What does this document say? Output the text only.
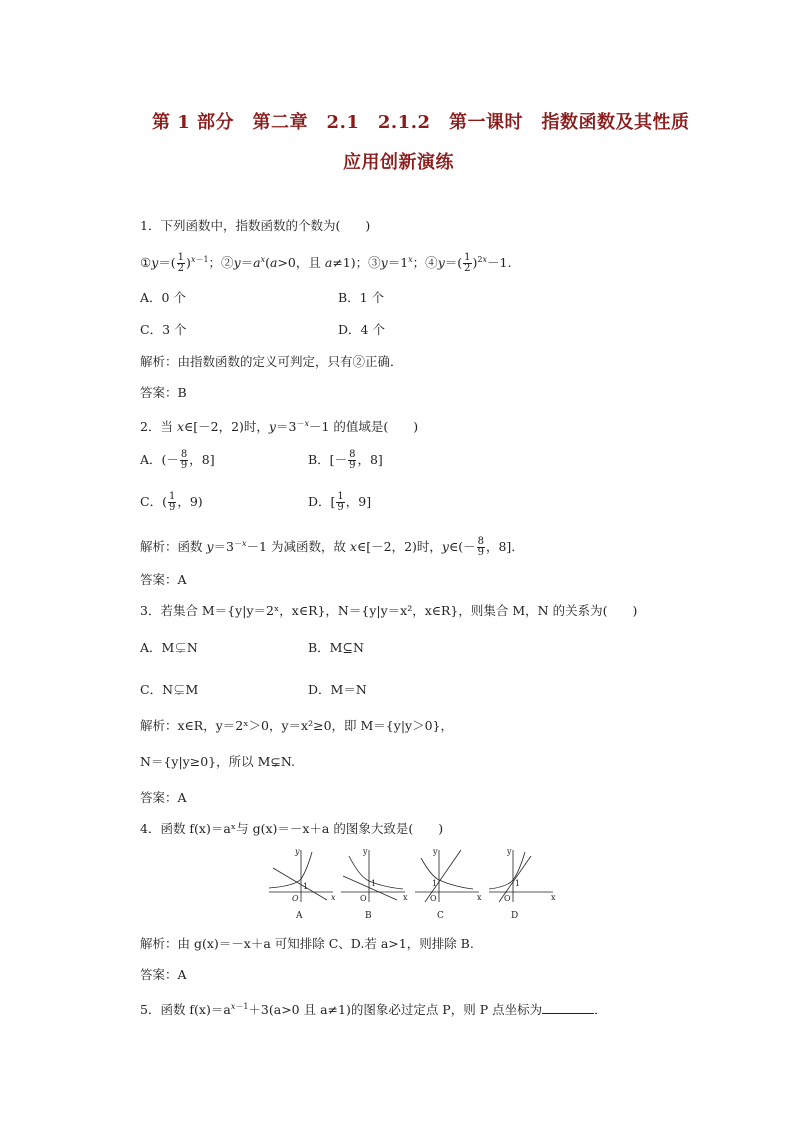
第 1 部分　第二章　2.1　2.1.2　第一课时　指数函数及其性质
应用创新演练
1．下列函数中，指数函数的个数为(　　)
①y＝( $\frac{1}{2} )^{x-1}$；$②y=a^x(a>0$，且 a≠1)；$③y=1^x$；④y＝( $\frac{1}{2} )^{2x}-1$.
A．0 个	B．1 个
C．3 个	D．4 个
解析：由指数函数的定义可判定，只有②正确．
答案：B
2．当 x∈[－2，2)时，$y=3^{-x}-1$ 的值域是(　　)
A．(－ $\frac{8}{9}$ ，8]	B．[－ $\frac{8}{9}$ ，8]
C．( $\frac{1}{9}$ ，9)	D．[ $\frac{1}{9}$ ，9]
解析：函数 $y=3^{-x}-1$ 为减函数，故 x∈[－2，2)时，y∈(－ $\frac{8}{9}$ ，8]．
答案：A
3．若集合 M＝{y|y＝2ˣ，x∈R}，N＝{y|y＝x²，x∈R}，则集合 M，N 的关系为(　　)
A．M⊊N	B．M⊆N
C．N⊊M	D．M＝N
解析：x∈R，y＝2ˣ＞0，y＝x²≥0，即 M＝{y|y＞0}，
N＝{y|y≥0}，所以 M⊊N.
答案：A
4．函数 f(x)＝aˣ与 g(x)＝－x＋a 的图象大致是(　　)
y
x
O
1
A
y
x
O
1
B
y
x
O
1
C
y
x
O
1
D
解析：由 g(x)＝－x＋a 可知排除 C、D.若 a>1，则排除 B.
答案：A
5．函数 $f(x)=a^{x-1}+3(a>0$ 且 a≠1)的图象必过定点 P，则 P 点坐标为	．
